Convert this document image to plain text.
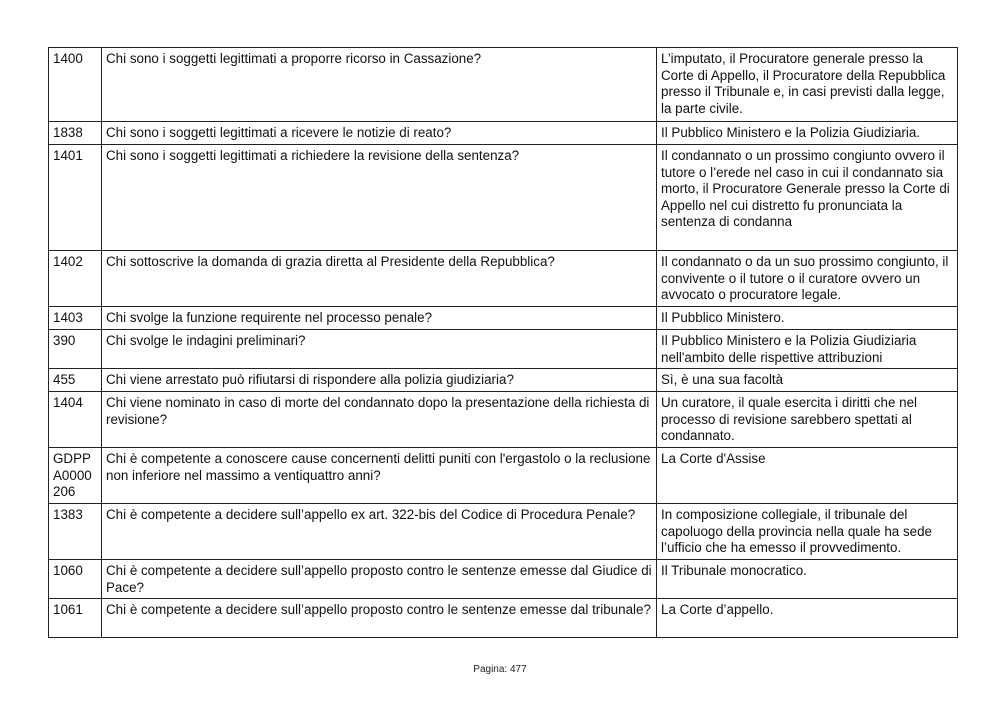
1400	Chi sono i soggetti legittimati a proporre ricorso in Cassazione?	L’imputato, il Procuratore generale presso la Corte di Appello, il Procuratore della Repubblica presso il Tribunale e, in casi previsti dalla legge, la parte civile.
1838	Chi sono i soggetti legittimati a ricevere le notizie di reato?	Il Pubblico Ministero e la Polizia Giudiziaria.
1401	Chi sono i soggetti legittimati a richiedere la revisione della sentenza?	Il condannato o un prossimo congiunto ovvero il tutore o l’erede nel caso in cui il condannato sia morto, il Procuratore Generale presso la Corte di Appello nel cui distretto fu pronunciata la sentenza di condanna
1402	Chi sottoscrive la domanda di grazia diretta al Presidente della Repubblica?	Il condannato o da un suo prossimo congiunto, il convivente o il tutore o il curatore ovvero un avvocato o procuratore legale.
1403	Chi svolge la funzione requirente nel processo penale?	Il Pubblico Ministero.
390	Chi svolge le indagini preliminari?	Il Pubblico Ministero e la Polizia Giudiziaria nell'ambito delle rispettive attribuzioni
455	Chi viene arrestato può rifiutarsi di rispondere alla polizia giudiziaria?	Sì, è una sua facoltà
1404	Chi viene nominato in caso di morte del condannato dopo la presentazione della richiesta di revisione?	Un curatore, il quale esercita i diritti che nel processo di revisione sarebbero spettati al condannato.
GDPP A0000 206	Chi è competente a conoscere cause concernenti delitti puniti con l'ergastolo o la reclusione non inferiore nel massimo a ventiquattro anni?	La Corte d'Assise
1383	Chi è competente a decidere sull’appello ex art. 322-bis del Codice di Procedura Penale?	In composizione collegiale, il tribunale del capoluogo della provincia nella quale ha sede l’ufficio che ha emesso il provvedimento.
1060	Chi è competente a decidere sull’appello proposto contro le sentenze emesse dal Giudice di Pace?	Il Tribunale monocratico.
1061	Chi è competente a decidere sull’appello proposto contro le sentenze emesse dal tribunale?	La Corte d’appello.
Pagina: 477
